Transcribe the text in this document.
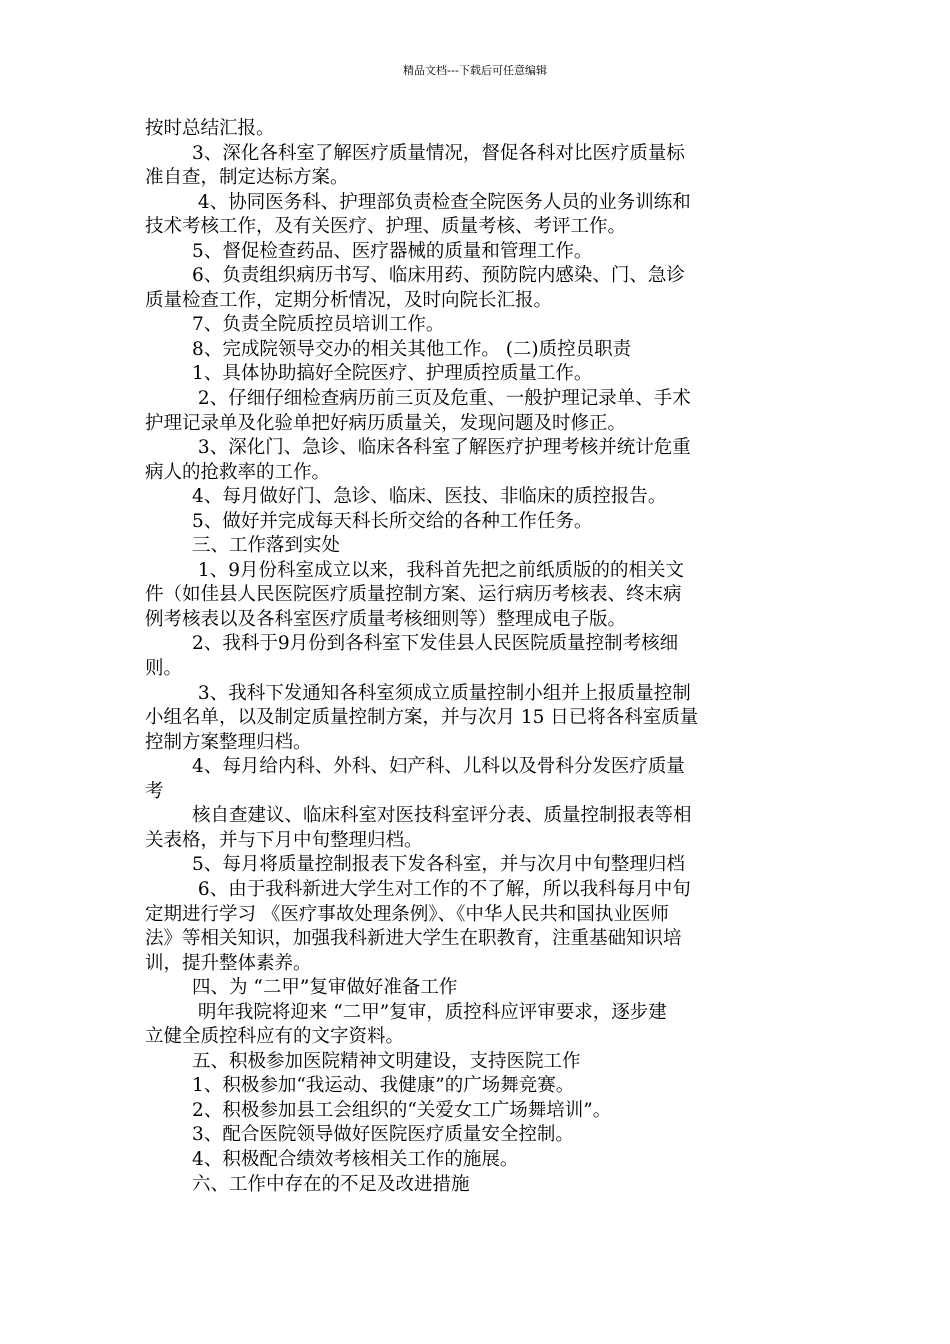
精品文档---下载后可任意编辑
按时总结汇报。
3、深化各科室了解医疗质量情况，督促各科对比医疗质量标
准自查，制定达标方案。
4、协同医务科、护理部负责检查全院医务人员的业务训练和
技术考核工作，及有关医疗、护理、质量考核、考评工作。
5、督促检查药品、医疗器械的质量和管理工作。
6、负责组织病历书写、临床用药、预防院内感染、门、急诊
质量检查工作，定期分析情况，及时向院长汇报。
7、负责全院质控员培训工作。
8、完成院领导交办的相关其他工作。 (二)质控员职责
1、具体协助搞好全院医疗、护理质控质量工作。
2、仔细仔细检查病历前三页及危重、一般护理记录单、手术
护理记录单及化验单把好病历质量关，发现问题及时修正。
3、深化门、急诊、临床各科室了解医疗护理考核并统计危重
病人的抢救率的工作。
4、每月做好门、急诊、临床、医技、非临床的质控报告。
5、做好并完成每天科长所交给的各种工作任务。
三、工作落到实处
1、9月份科室成立以来，我科首先把之前纸质版的的相关文
件（如佳县人民医院医疗质量控制方案、运行病历考核表、终末病
例考核表以及各科室医疗质量考核细则等）整理成电子版。
2、我科于9月份到各科室下发佳县人民医院质量控制考核细
则。
3、我科下发通知各科室须成立质量控制小组并上报质量控制
小组名单，以及制定质量控制方案，并与次月 15 日已将各科室质量
控制方案整理归档。
4、每月给内科、外科、妇产科、儿科以及骨科分发医疗质量
考
核自查建议、临床科室对医技科室评分表、质量控制报表等相
关表格，并与下月中旬整理归档。
5、每月将质量控制报表下发各科室，并与次月中旬整理归档
6、由于我科新进大学生对工作的不了解，所以我科每月中旬
定期进行学习 《医疗事故处理条例》、《中华人民共和国执业医师
法》等相关知识，加强我科新进大学生在职教育，注重基础知识培
训，提升整体素养。
四、为 “二甲”复审做好准备工作
明年我院将迎来 “二甲”复审，质控科应评审要求，逐步建
立健全质控科应有的文字资料。
五、积极参加医院精神文明建设，支持医院工作
1、积极参加“我运动、我健康”的广场舞竞赛。
2、积极参加县工会组织的“关爱女工广场舞培训”。
3、配合医院领导做好医院医疗质量安全控制。
4、积极配合绩效考核相关工作的施展。
六、工作中存在的不足及改进措施
